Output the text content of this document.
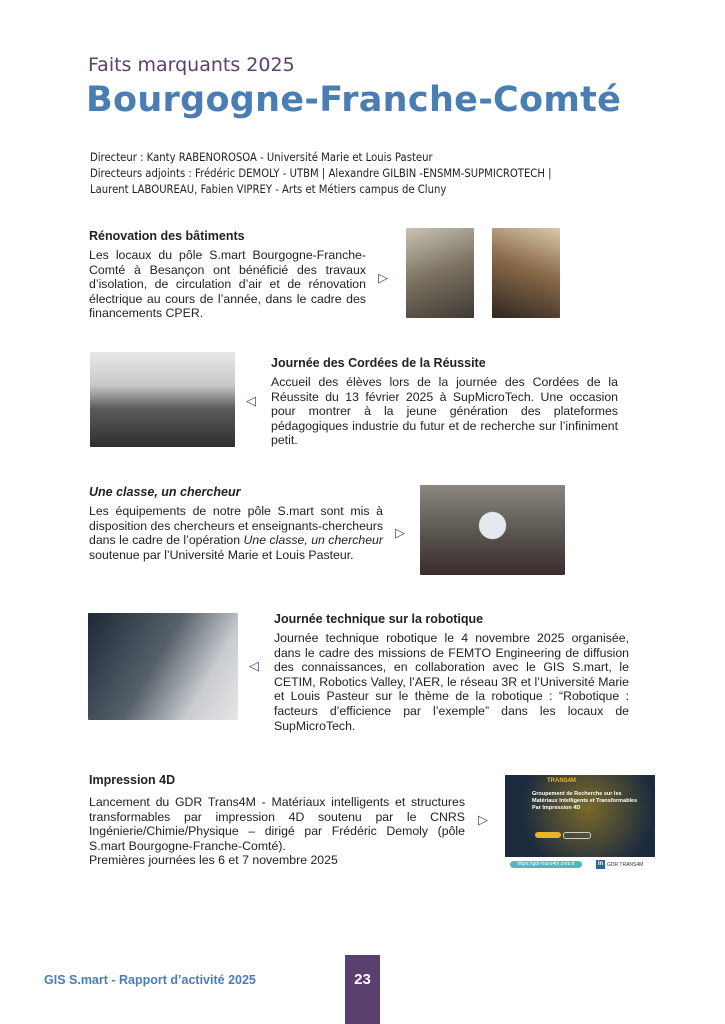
Faits marquants 2025
Bourgogne-Franche-Comté
Directeur : Kanty RABENOROSOA - Université Marie et Louis Pasteur
Directeurs adjoints : Frédéric DEMOLY - UTBM | Alexandre GILBIN -ENSMM-SUPMICROTECH |
Laurent LABOUREAU, Fabien VIPREY - Arts et Métiers campus de Cluny
Rénovation des bâtiments
Les locaux du pôle S.mart Bourgogne-Franche-Comté à Besançon ont bénéficié des travaux d’isolation, de circulation d’air et de rénovation électrique au cours de l’année, dans le cadre des financements CPER.
▷
◁
Journée des Cordées de la Réussite
Accueil des élèves lors de la journée des Cordées de la Réussite du 13 février 2025 à SupMicroTech. Une occasion pour montrer à la jeune génération des plateformes pédagogiques industrie du futur et de recherche sur l’infiniment petit.
Une classe, un chercheur
Les équipements de notre pôle S.mart sont mis à disposition des chercheurs et enseignants-chercheurs dans le cadre de l’opération Une classe, un chercheur soutenue par l’Université Marie et Louis Pasteur.
▷
◁
Journée technique sur la robotique
Journée technique robotique le 4 novembre 2025 organisée, dans le cadre des missions de FEMTO Engineering de diffusion des connaissances, en collaboration avec le GIS S.mart, le CETIM, Robotics Valley, l’AER, le réseau 3R et l’Université Marie et Louis Pasteur sur le thème de la robotique : “Robotique : facteurs d’efficience par l’exemple” dans les locaux de SupMicroTech.
Impression 4D
Lancement du GDR Trans4M - Matériaux intelligents et structures transformables par impression 4D soutenu par le CNRS Ingénierie/Chimie/Physique – dirigé par Frédéric Demoly (pôle S.mart Bourgogne-Franche-Comté).
Premières journées les 6 et 7 novembre 2025
▷
TRANS4M
Groupement de Recherche sur les Matériaux Intelligents et Transformables Par Impression 4D
https://gdr-trans4m.cnrs.fr	in GDR TRANS4M
GIS S.mart - Rapport d’activité 2025	23
